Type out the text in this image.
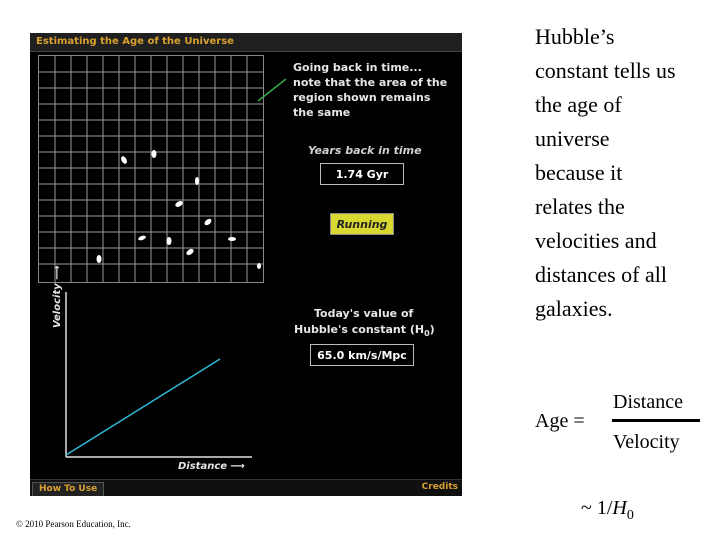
Estimating the Age of the Universe
Going back in time...
note that the area of the
region shown remains
the same
Years back in time
1.74 Gyr
Running
Today's value of
Hubble's constant $(H_0)$
65.0 km/s/Mpc
Velocity ⟶
Distance ⟶
How To Use	Credits
Hubble’s
constant tells us
the age of
universe
because it
relates the
velocities and
distances of all
galaxies.
Age =
Distance
Velocity
~ $1/H_0$
© 2010 Pearson Education, Inc.
